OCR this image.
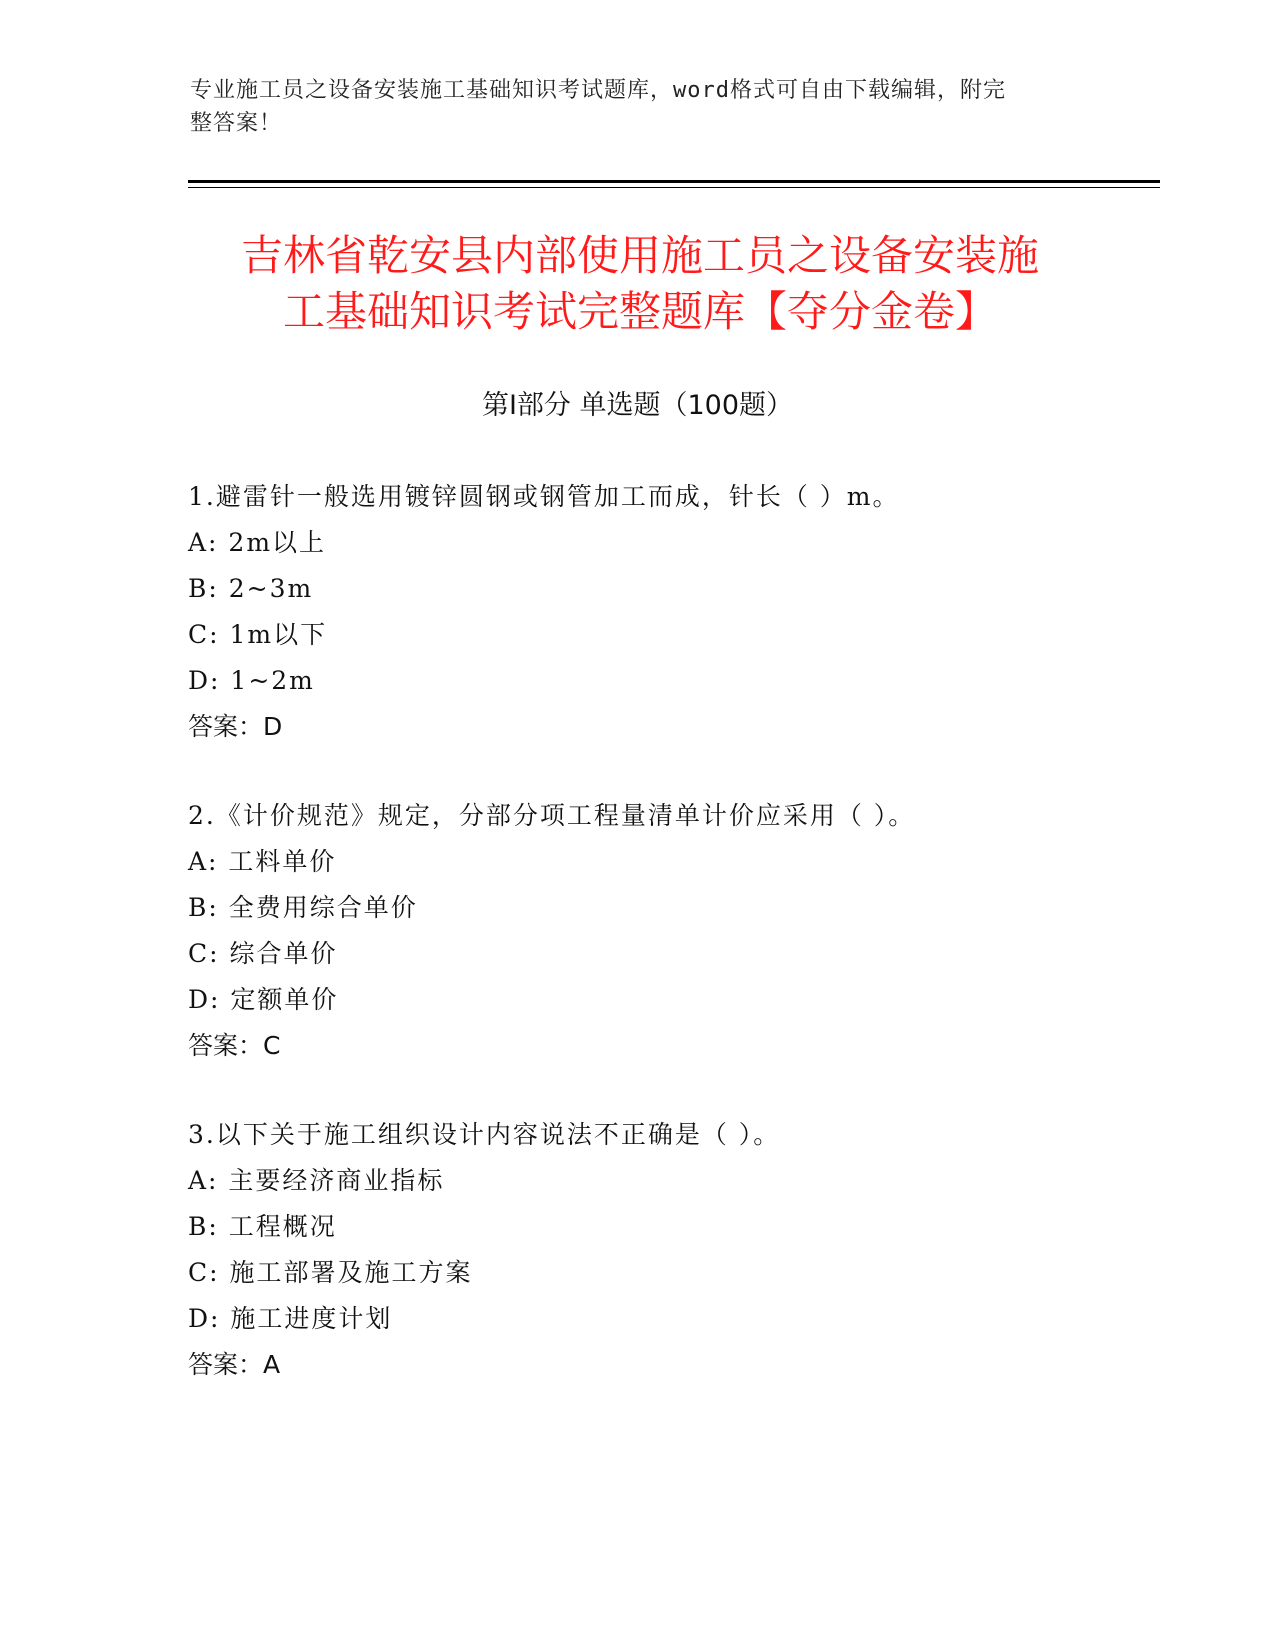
专业施工员之设备安装施工基础知识考试题库，word格式可自由下载编辑，附完
整答案！
吉林省乾安县内部使用施工员之设备安装施
工基础知识考试完整题库【夺分金卷】
第Ⅰ部分 单选题（100题）
1.避雷针一般选用镀锌圆钢或钢管加工而成，针长（ ）m。
A: 2m以上
B: 2~3m
C: 1m以下
D: 1~2m
答案：D
2.《计价规范》规定，分部分项工程量清单计价应采用（ ）。
A: 工料单价
B: 全费用综合单价
C: 综合单价
D: 定额单价
答案：C
3.以下关于施工组织设计内容说法不正确是（ ）。
A: 主要经济商业指标
B: 工程概况
C: 施工部署及施工方案
D: 施工进度计划
答案：A
